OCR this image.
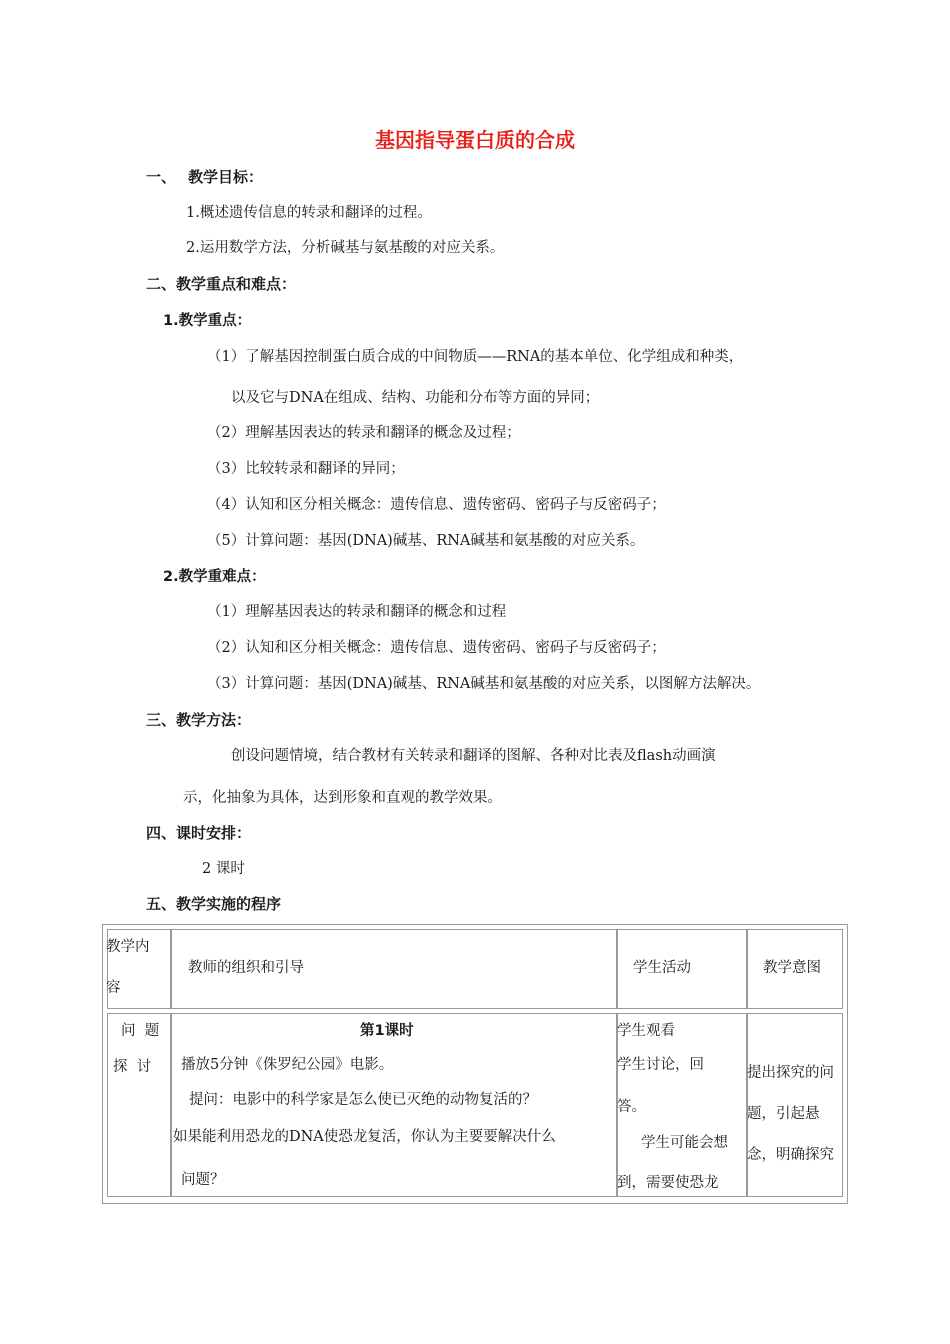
基因指导蛋白质的合成
一、 教学目标：
1.概述遗传信息的转录和翻译的过程。
2.运用数学方法，分析碱基与氨基酸的对应关系。
二、教学重点和难点：
1.教学重点：
（1）了解基因控制蛋白质合成的中间物质——RNA的基本单位、化学组成和种类，
以及它与DNA在组成、结构、功能和分布等方面的异同；
（2）理解基因表达的转录和翻译的概念及过程；
（3）比较转录和翻译的异同；
（4）认知和区分相关概念：遗传信息、遗传密码、密码子与反密码子；
（5）计算问题：基因(DNA)碱基、RNA碱基和氨基酸的对应关系。
2.教学重难点：
（1）理解基因表达的转录和翻译的概念和过程
（2）认知和区分相关概念：遗传信息、遗传密码、密码子与反密码子；
（3）计算问题：基因(DNA)碱基、RNA碱基和氨基酸的对应关系，以图解方法解决。
三、教学方法：
创设问题情境，结合教材有关转录和翻译的图解、各种对比表及flash动画演
示，化抽象为具体，达到形象和直观的教学效果。
四、课时安排：
2 课时
五、教学实施的程序
教学内
容
教师的组织和引导	学生活动	教学意图
问  题
探  讨
第1课时
播放5分钟《侏罗纪公园》电影。
提问：电影中的科学家是怎么使已灭绝的动物复活的？
如果能利用恐龙的DNA使恐龙复活，你认为主要要解决什么
问题？
学生观看
学生讨论，回
答。
学生可能会想
到，需要使恐龙
提出探究的问
题，引起悬
念，明确探究
